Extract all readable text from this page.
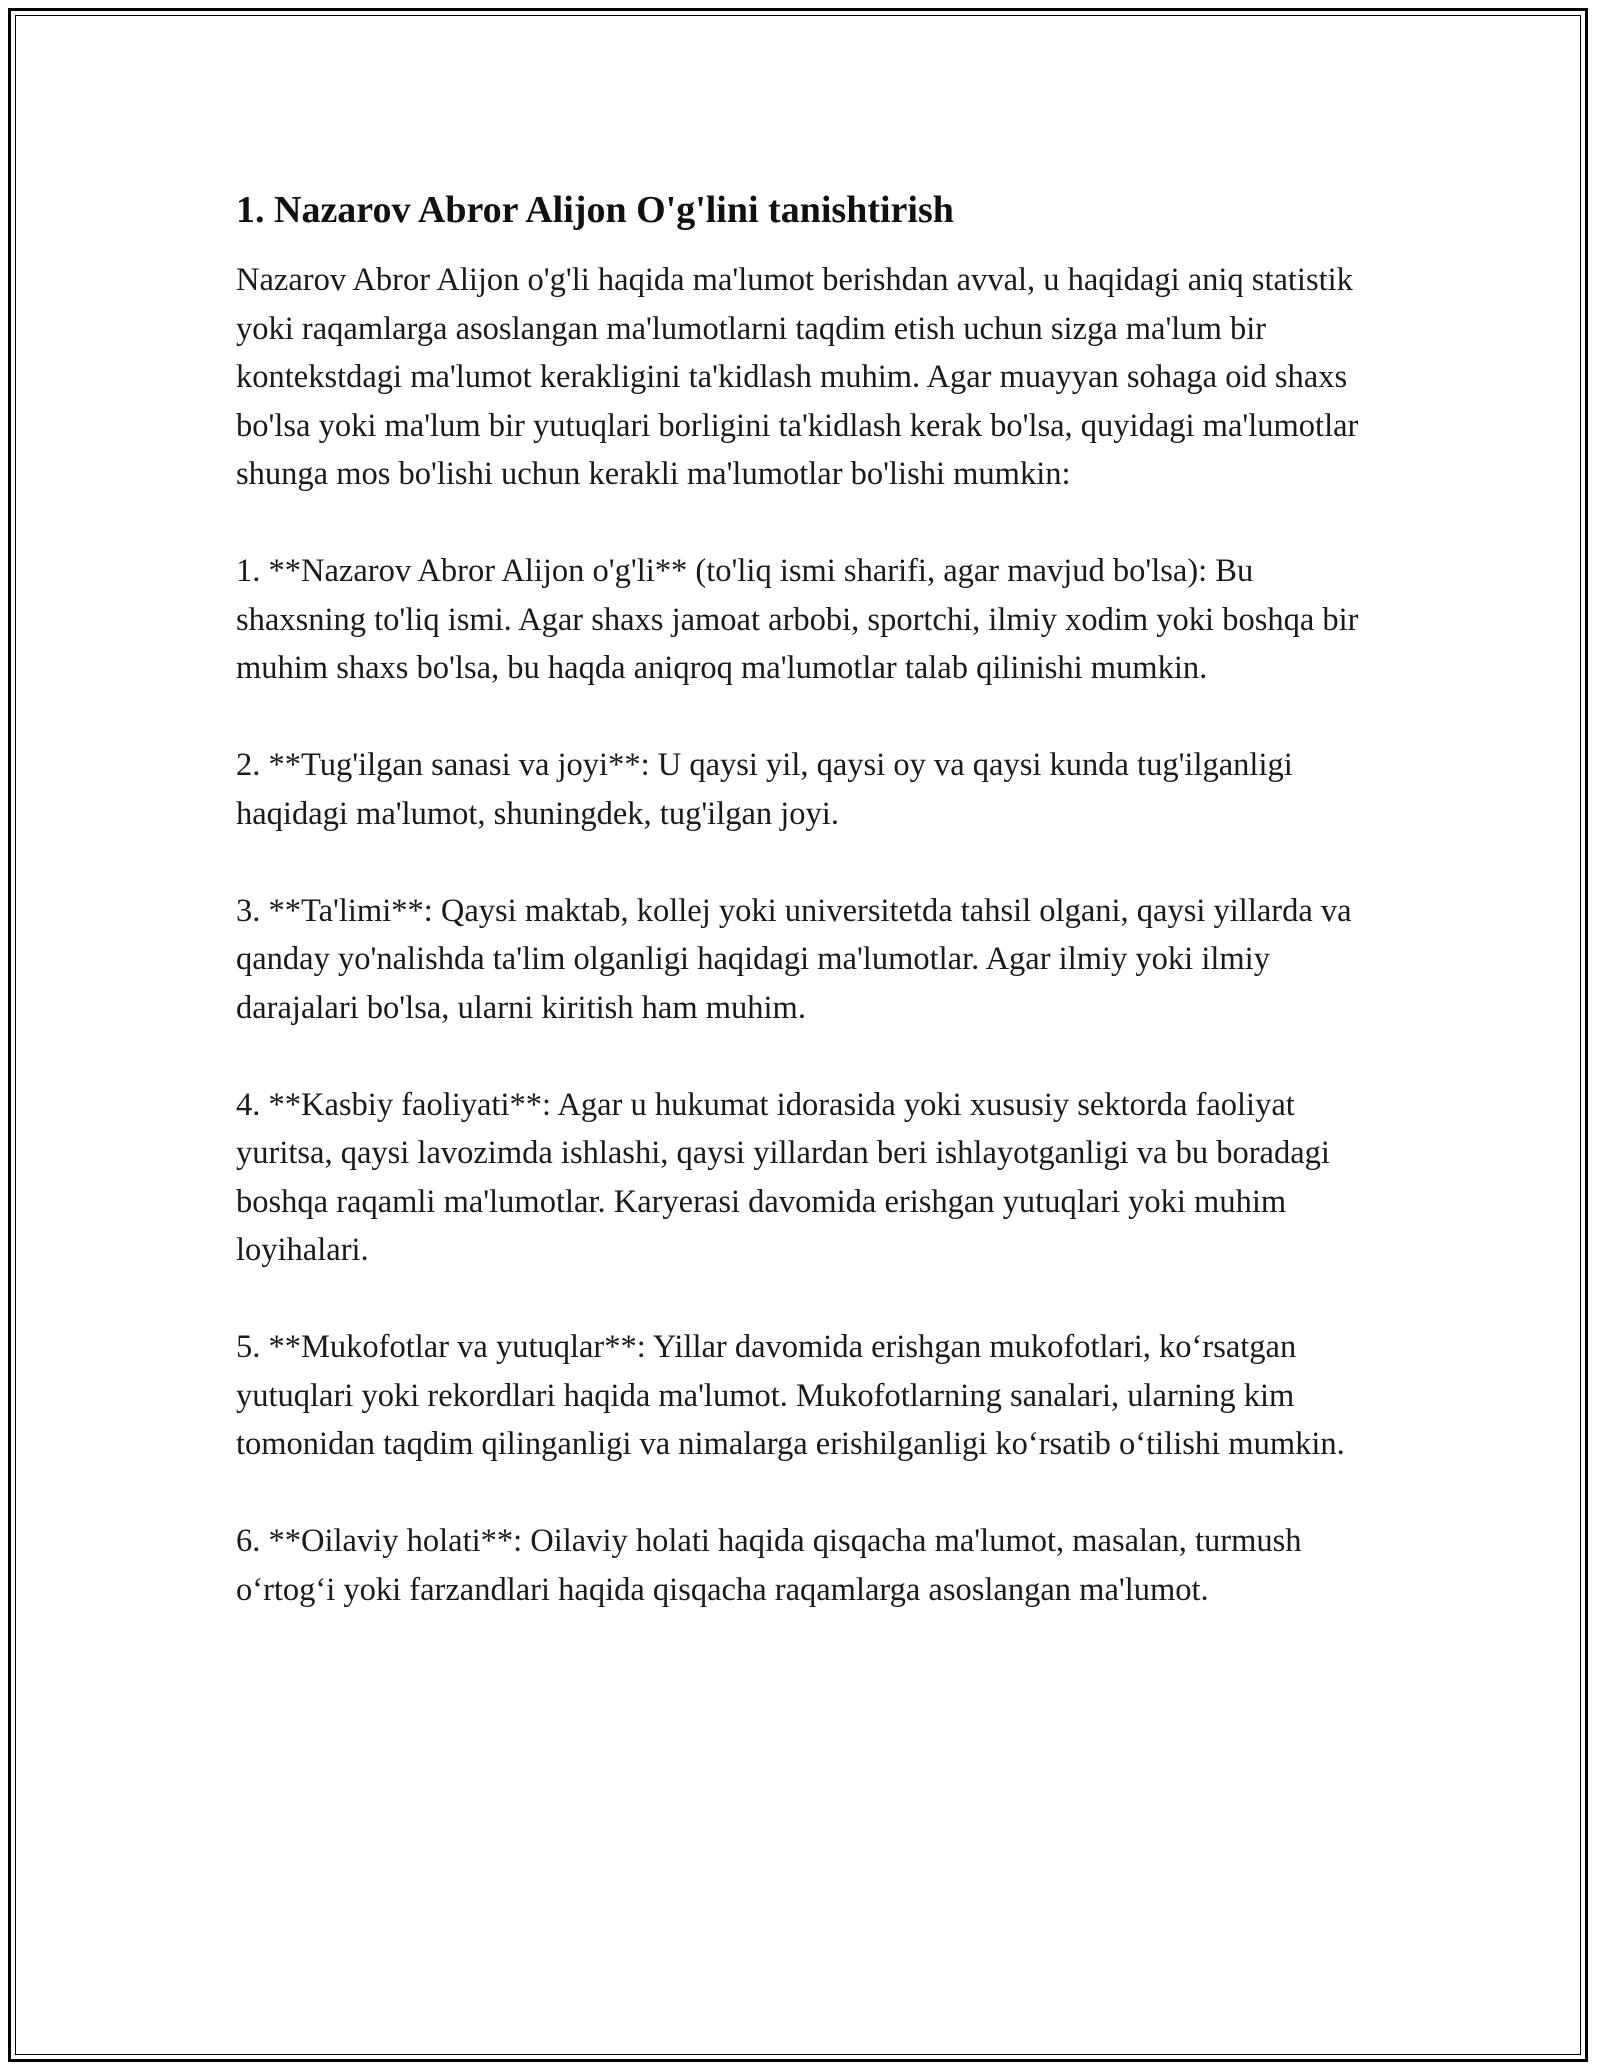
1. Nazarov Abror Alijon O'g'lini tanishtirish

Nazarov Abror Alijon o'g'li haqida ma'lumot berishdan avval, u haqidagi aniq statistik yoki raqamlarga asoslangan ma'lumotlarni taqdim etish uchun sizga ma'lum bir kontekstdagi ma'lumot kerakligini ta'kidlash muhim. Agar muayyan sohaga oid shaxs bo'lsa yoki ma'lum bir yutuqlari borligini ta'kidlash kerak bo'lsa, quyidagi ma'lumotlar shunga mos bo'lishi uchun kerakli ma'lumotlar bo'lishi mumkin:

1. **Nazarov Abror Alijon o'g'li** (to'liq ismi sharifi, agar mavjud bo'lsa): Bu shaxsning to'liq ismi. Agar shaxs jamoat arbobi, sportchi, ilmiy xodim yoki boshqa bir muhim shaxs bo'lsa, bu haqda aniqroq ma'lumotlar talab qilinishi mumkin.

2. **Tug'ilgan sanasi va joyi**: U qaysi yil, qaysi oy va qaysi kunda tug'ilganligi haqidagi ma'lumot, shuningdek, tug'ilgan joyi.

3. **Ta'limi**: Qaysi maktab, kollej yoki universitetda tahsil olgani, qaysi yillarda va qanday yo'nalishda ta'lim olganligi haqidagi ma'lumotlar. Agar ilmiy yoki ilmiy darajalari bo'lsa, ularni kiritish ham muhim.

4. **Kasbiy faoliyati**: Agar u hukumat idorasida yoki xususiy sektorda faoliyat yuritsa, qaysi lavozimda ishlashi, qaysi yillardan beri ishlayotganligi va bu boradagi boshqa raqamli ma'lumotlar. Karyerasi davomida erishgan yutuqlari yoki muhim loyihalari.

5. **Mukofotlar va yutuqlar**: Yillar davomida erishgan mukofotlari, ko‘rsatgan yutuqlari yoki rekordlari haqida ma'lumot. Mukofotlarning sanalari, ularning kim tomonidan taqdim qilinganligi va nimalarga erishilganligi ko‘rsatib o‘tilishi mumkin.

6. **Oilaviy holati**: Oilaviy holati haqida qisqacha ma'lumot, masalan, turmush o‘rtog‘i yoki farzandlari haqida qisqacha raqamlarga asoslangan ma'lumot.
